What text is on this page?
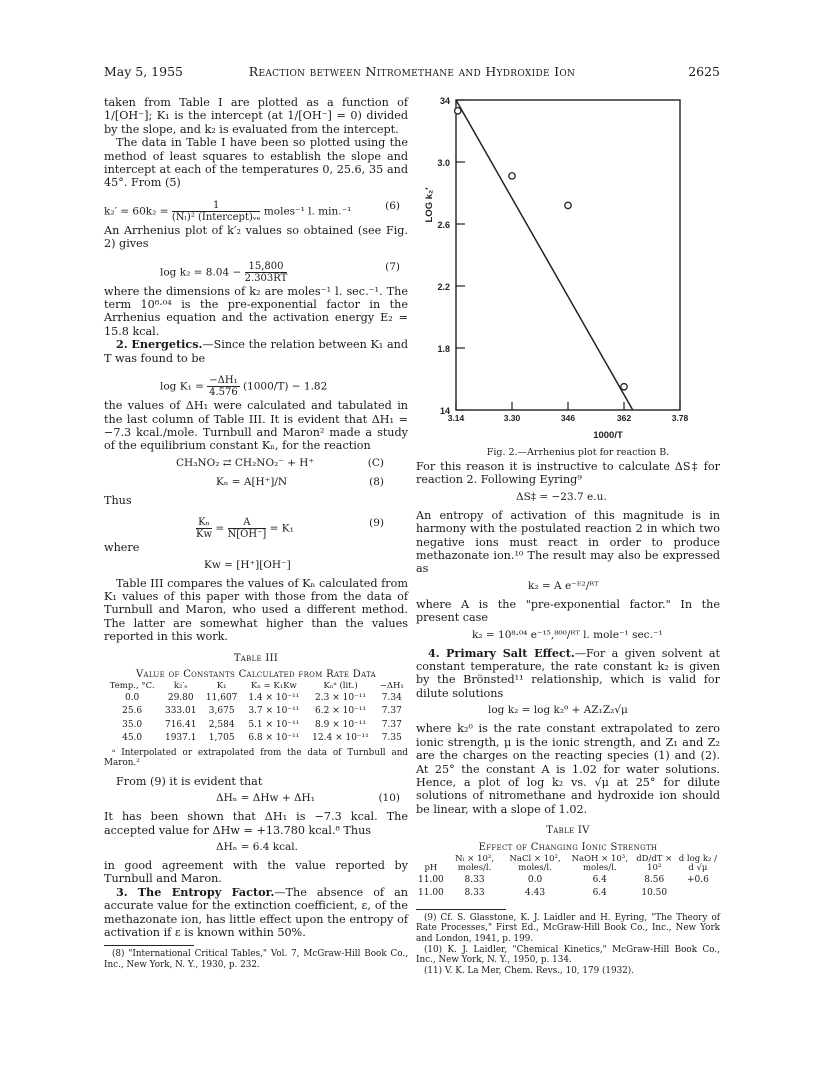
May 5, 1955	Reaction between Nitromethane and Hydroxide Ion	2625

taken from Table I are plotted as a function of 1/[OH⁻]; K₁ is the intercept (at 1/[OH⁻] = 0) divided by the slope, and k₂ is evaluated from the intercept.

The data in Table I have been so plotted using the method of least squares to establish the slope and intercept at each of the temperatures 0, 25.6, 35 and 45°. From (5)

$k_2' = 60k_2 = \frac{1}{\text{(Nₗ)² (Intercept)ᵥₑ}}$ moles⁻¹ l. min.⁻¹	(6)

An Arrhenius plot of k′₂ values so obtained (see Fig. 2) gives

$\log k_2 = 8.04 - \frac{15,800}{2.303RT}$	(7)

where the dimensions of k₂ are moles⁻¹ l. sec.⁻¹. The term 10⁸·⁰⁴ is the pre-exponential factor in the Arrhenius equation and the activation energy E₂ = 15.8 kcal.

2. Energetics.—Since the relation between K₁ and T was found to be

$\log K_1 = \frac{\text{−ΔH₁}}{4.576} (1000/T) - 1.82$

the values of ΔH₁ were calculated and tabulated in the last column of Table III. It is evident that ΔH₁ = −7.3 kcal./mole. Turnbull and Maron² made a study of the equilibrium constant Kₙ, for the reaction

CH₃NO₂ ⇄ CH₂NO₂⁻ + H⁺	(C)
Kₙ = A[H⁺]/N	(8)

Thus

$\frac{\text{Kₙ}}{Kw} = \frac{A}{N[OH^-]} = K_1$	(9)

where

Kw = [H⁺][OH⁻]

Table III compares the values of Kₙ calculated from K₁ values of this paper with those from the data of Turnbull and Maron, who used a different method. The latter are somewhat higher than the values reported in this work.

Table III
Value of Constants Calculated from Rate Data
Temp., °C.	k₂′ₑ	K₁	Kₙ = K₁Kw	Kₙᵃ (lit.)	−ΔH₁
0.0	29.80	11,607	1.4 × 10⁻¹¹	2.3 × 10⁻¹¹	7.34
25.6	333.01	3,675	3.7 × 10⁻¹¹	6.2 × 10⁻¹¹	7.37
35.0	716.41	2,584	5.1 × 10⁻¹¹	8.9 × 10⁻¹¹	7.37
45.0	1937.1	1,705	6.8 × 10⁻¹¹	12.4 × 10⁻¹¹	7.35

ᵃ Interpolated or extrapolated from the data of Turnbull and Maron.²

From (9) it is evident that

ΔHₙ = ΔHw + ΔH₁	(10)

It has been shown that ΔH₁ is −7.3 kcal. The accepted value for ΔHw = +13.780 kcal.⁸ Thus

ΔHₙ = 6.4 kcal.

in good agreement with the value reported by Turnbull and Maron.

3. The Entropy Factor.—The absence of an accurate value for the extinction coefficient, ε, of the methazonate ion, has little effect upon the entropy of activation if ε is known within 50%.

(8) "International Critical Tables," Vol. 7, McGraw-Hill Book Co., Inc., New York, N. Y., 1930, p. 232.

14
1.8
2.2
2.6
3.0
34
3.14	3.30	346	362	3.78
LOG k₂′
1000/T
Fig. 2.—Arrhenius plot for reaction B.

For this reason it is instructive to calculate ΔS‡ for reaction 2. Following Eyring⁹

ΔS‡ = −23.7 e.u.

An entropy of activation of this magnitude is in harmony with the postulated reaction 2 in which two negative ions must react in order to produce methazonate ion.¹⁰ The result may also be expressed as

k₂ = A e⁻ᴱ²/ᴿᵀ

where A is the "pre-exponential factor." In the present case

k₂ = 10⁸·⁰⁴ e⁻¹⁵,⁸⁰⁰/ᴿᵀ l. mole⁻¹ sec.⁻¹

4. Primary Salt Effect.—For a given solvent at constant temperature, the rate constant k₂ is given by the Brönsted¹¹ relationship, which is valid for dilute solutions

log k₂ = log k₂⁰ + AZ₁Z₂√μ

where k₂⁰ is the rate constant extrapolated to zero ionic strength, μ is the ionic strength, and Z₁ and Z₂ are the charges on the reacting species (1) and (2). At 25° the constant A is 1.02 for water solutions. Hence, a plot of log k₂ vs. √μ at 25° for dilute solutions of nitromethane and hydroxide ion should be linear, with a slope of 1.02.

Table IV
Effect of Changing Ionic Strength
pH	Nₗ × 10², moles/l.	NaCl × 10², moles/l.	NaOH × 10³, moles/l.	dD/dT × 10²	d log k₂ / d √μ
11.00	8.33	0.0	6.4	8.56	+0.6
11.00	8.33	4.43	6.4	10.50	

(9) Cf. S. Glasstone, K. J. Laidler and H. Eyring, "The Theory of Rate Processes," First Ed., McGraw-Hill Book Co., Inc., New York and London, 1941, p. 199.

(10) K. J. Laidler, "Chemical Kinetics," McGraw-Hill Book Co., Inc., New York, N. Y., 1950, p. 134.

(11) V. K. La Mer, Chem. Revs., 10, 179 (1932).
